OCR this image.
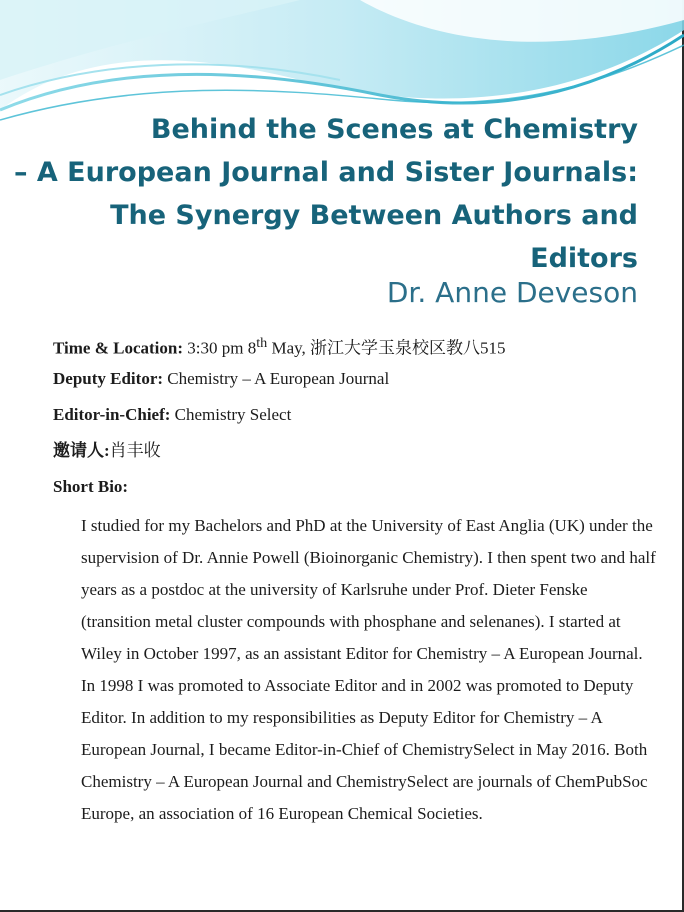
Behind the Scenes at Chemistry
– A European Journal and Sister Journals:
The Synergy Between Authors and Editors
Dr. Anne Deveson
Time & Location: 3:30 pm 8th May, 浙江大学玉泉校区教八515
Deputy Editor: Chemistry – A European Journal
Editor-in-Chief: Chemistry Select
邀请人:肖丰收
Short Bio:

I studied for my Bachelors and PhD at the University of East Anglia (UK) under the supervision of Dr. Annie Powell (Bioinorganic Chemistry). I then spent two and half years as a postdoc at the university of Karlsruhe under Prof. Dieter Fenske (transition metal cluster compounds with phosphane and selenanes). I started at Wiley in October 1997, as an assistant Editor for Chemistry – A European Journal. In 1998 I was promoted to Associate Editor and in 2002 was promoted to Deputy Editor. In addition to my responsibilities as Deputy Editor for Chemistry – A European Journal, I became Editor-in-Chief of ChemistrySelect in May 2016. Both Chemistry – A European Journal and ChemistrySelect are journals of ChemPubSoc Europe, an association of 16 European Chemical Societies.
